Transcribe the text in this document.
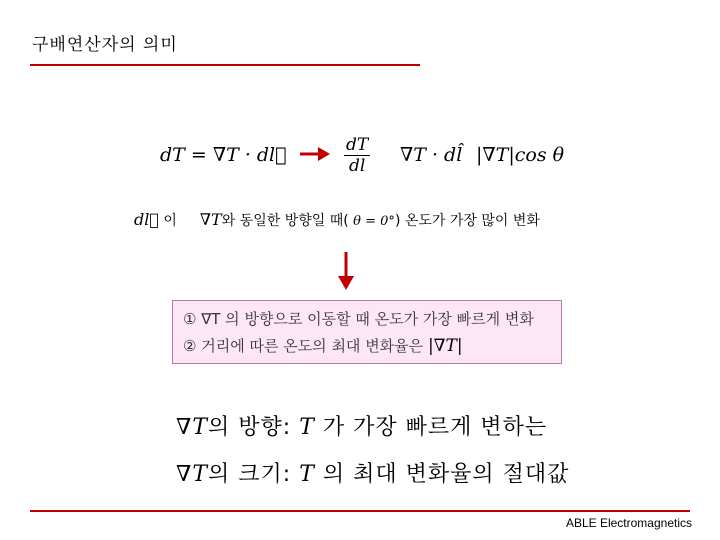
구배연산자의 의미
dT = ∇T · dl⃗	$\frac{dT}{dl} \nabla T$ · dl̂ |∇T|cos θ
dl⃗ 이 ∇T와 동일한 방향일 때( θ = 0°) 온도가 가장 많이 변화
① ∇T 의 방향으로 이동할 때 온도가 가장 빠르게 변화
② 거리에 따른 온도의 최대 변화율은 |∇T|
∇T의 방향: T 가 가장 빠르게 변하는
∇T의 크기: T 의 최대 변화율의 절대값
ABLE Electromagnetics
